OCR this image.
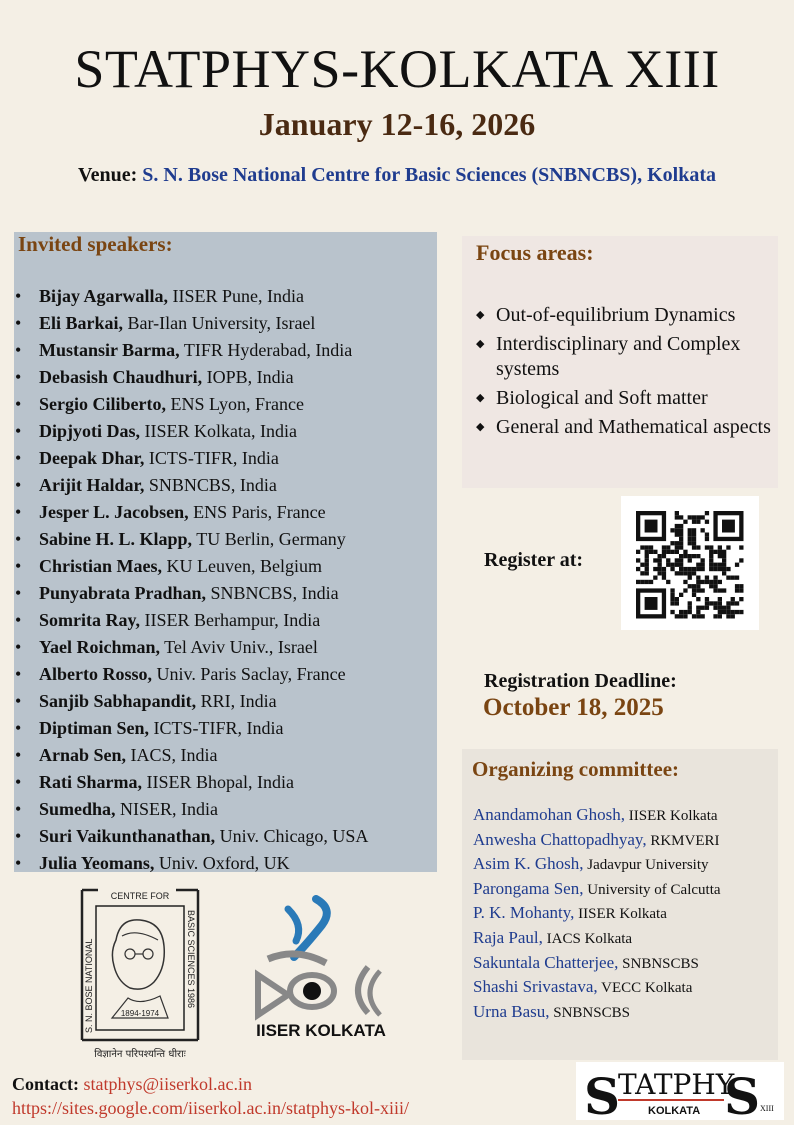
STATPHYS-KOLKATA XIII
January 12-16, 2026
Venue: S. N. Bose National Centre for Basic Sciences (SNBNCBS), Kolkata
Invited speakers:
• Bijay Agarwalla, IISER Pune, India
• Eli Barkai, Bar-Ilan University, Israel
• Mustansir Barma, TIFR Hyderabad, India
• Debasish Chaudhuri, IOPB, India
• Sergio Ciliberto, ENS Lyon, France
• Dipjyoti Das, IISER Kolkata, India
• Deepak Dhar, ICTS-TIFR, India
• Arijit Haldar, SNBNCBS, India
• Jesper L. Jacobsen, ENS Paris, France
• Sabine H. L. Klapp, TU Berlin, Germany
• Christian Maes, KU Leuven, Belgium
• Punyabrata Pradhan, SNBNCBS, India
• Somrita Ray, IISER Berhampur, India
• Yael Roichman, Tel Aviv Univ., Israel
• Alberto Rosso, Univ. Paris Saclay, France
• Sanjib Sabhapandit, RRI, India
• Diptiman Sen, ICTS-TIFR, India
• Arnab Sen, IACS, India
• Rati Sharma, IISER Bhopal, India
• Sumedha, NISER, India
• Suri Vaikunthanathan, Univ. Chicago, USA
• Julia Yeomans, Univ. Oxford, UK
Focus areas:
◆ Out-of-equilibrium Dynamics
◆ Interdisciplinary and Complex systems
◆ Biological and Soft matter
◆ General and Mathematical aspects
Register at:
Registration Deadline:
October 18, 2025
Organizing committee:
Anandamohan Ghosh, IISER Kolkata
Anwesha Chattopadhyay, RKMVERI
Asim K. Ghosh, Jadavpur University
Parongama Sen, University of Calcutta
P. K. Mohanty, IISER Kolkata
Raja Paul, IACS Kolkata
Sakuntala Chatterjee, SNBNSCBS
Shashi Srivastava, VECC Kolkata
Urna Basu, SNBNSCBS
CENTRE FOR
S. N. BOSE NATIONAL	BASIC SCIENCES 1986
1894-1974
विज्ञानेन परिपश्यन्ति धीराः
IISER KOLKATA
Contact: statphys@iiserkol.ac.in
https://sites.google.com/iiserkol.ac.in/statphys-kol-xiii/	S
TATPHY
S
KOLKATA	XIII
